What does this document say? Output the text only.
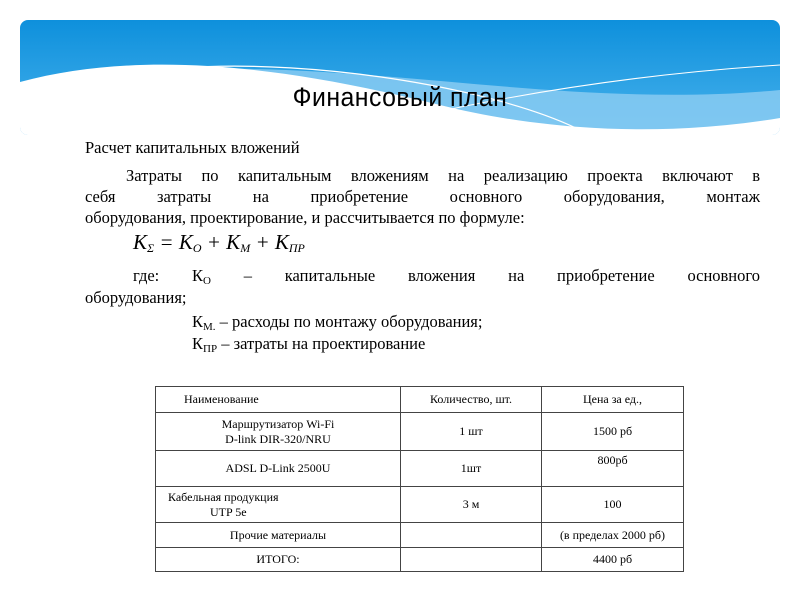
Финансовый план
Расчет капитальных вложений
Затраты по капитальным вложениям на реализацию проекта включают в
себя затраты на приобретение основного оборудования, монтаж
оборудования, проектирование, и рассчитывается по формуле:
$K_\Sigma = K_O + K_M + K_{ПР}$
где: $К_О$ – капитальные вложения на приобретение основного
оборудования;
$К_{М.}$ – расходы по монтажу оборудования;
$К_{ПР}$ – затраты на проектирование
Наименование	Количество, шт.	Цена за ед.,

Маршрутизатор Wi-Fi
D-link DIR-320/NRU	1 шт	1500 рб
ADSL D-Link 2500U	1шт	800рб

Кабельная продукция
UTP 5e	3 м	100
Прочие материалы		(в пределах 2000 рб)
ИТОГО:		4400 рб
